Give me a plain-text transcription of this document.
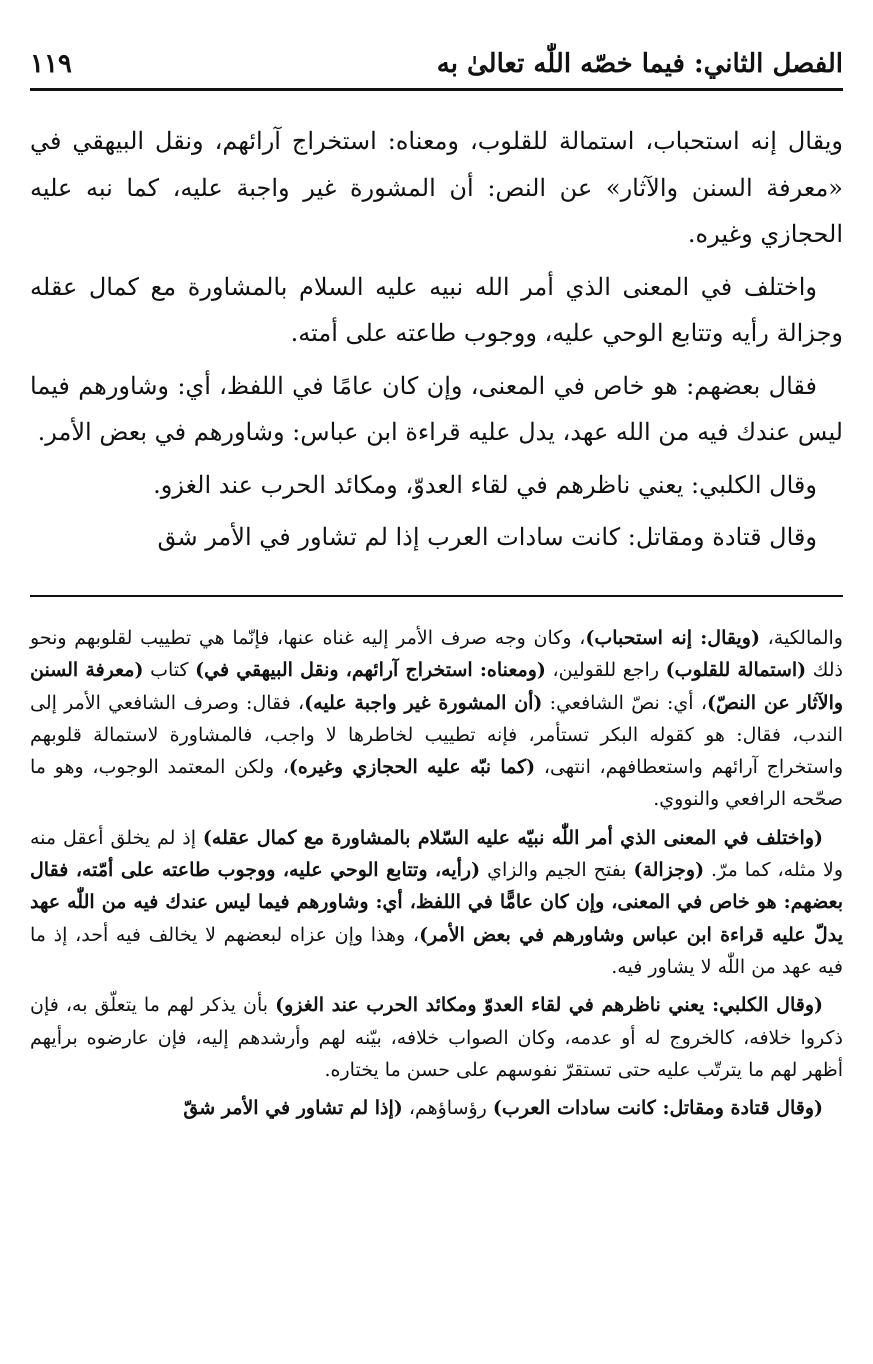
الفصل الثاني: فيما خصّه اللّٰه تعالىٰ به
١١٩

ويقال إنه استحباب، استمالة للقلوب، ومعناه: استخراج آرائهم، ونقل البيهقي في «معرفة السنن والآثار» عن النص: أن المشورة غير واجبة عليه، كما نبه عليه الحجازي وغيره.

واختلف في المعنى الذي أمر الله نبيه عليه السلام بالمشاورة مع كمال عقله وجزالة رأيه وتتابع الوحي عليه، ووجوب طاعته على أمته.

فقال بعضهم: هو خاص في المعنى، وإن كان عامًا في اللفظ، أي: وشاورهم فيما ليس عندك فيه من الله عهد، يدل عليه قراءة ابن عباس: وشاورهم في بعض الأمر.

وقال الكلبي: يعني ناظرهم في لقاء العدوّ، ومكائد الحرب عند الغزو.

وقال قتادة ومقاتل: كانت سادات العرب إذا لم تشاور في الأمر شق

والمالكية، (ويقال: إنه استحباب)، وكان وجه صرف الأمر إليه غناه عنها، فإنّما هي تطييب لقلوبهم ونحو ذلك (استمالة للقلوب) راجع للقولين، (ومعناه: استخراج آرائهم، ونقل البيهقي في) كتاب (معرفة السنن والآثار عن النصّ)، أي: نصّ الشافعي: (أن المشورة غير واجبة عليه)، فقال: وصرف الشافعي الأمر إلى الندب، فقال: هو كقوله البكر تستأمر، فإنه تطييب لخاطرها لا واجب، فالمشاورة لاستمالة قلوبهم واستخراج آرائهم واستعطافهم، انتهى، (كما نبّه عليه الحجازي وغيره)، ولكن المعتمد الوجوب، وهو ما صحّحه الرافعي والنووي.

(واختلف في المعنى الذي أمر اللّٰه نبيّه عليه السّلام بالمشاورة مع كمال عقله) إذ لم يخلق أعقل منه ولا مثله، كما مرّ. (وجزالة) بفتح الجيم والزاي (رأيه، وتتابع الوحي عليه، ووجوب طاعته على أمّته، فقال بعضهم: هو خاص في المعنى، وإن كان عامًّا في اللفظ، أي: وشاورهم فيما ليس عندك فيه من اللّٰه عهد يدلّ عليه قراءة ابن عباس وشاورهم في بعض الأمر)، وهذا وإن عزاه لبعضهم لا يخالف فيه أحد، إذ ما فيه عهد من اللّٰه لا يشاور فيه.

(وقال الكلبي: يعني ناظرهم في لقاء العدوّ ومكائد الحرب عند الغزو) بأن يذكر لهم ما يتعلّق به، فإن ذكروا خلافه، كالخروج له أو عدمه، وكان الصواب خلافه، بيّنه لهم وأرشدهم إليه، فإن عارضوه برأيهم أظهر لهم ما يترتّب عليه حتى تستقرّ نفوسهم على حسن ما يختاره.

(وقال قتادة ومقاتل: كانت سادات العرب) رؤساؤهم، (إذا لم تشاور في الأمر شقّ
